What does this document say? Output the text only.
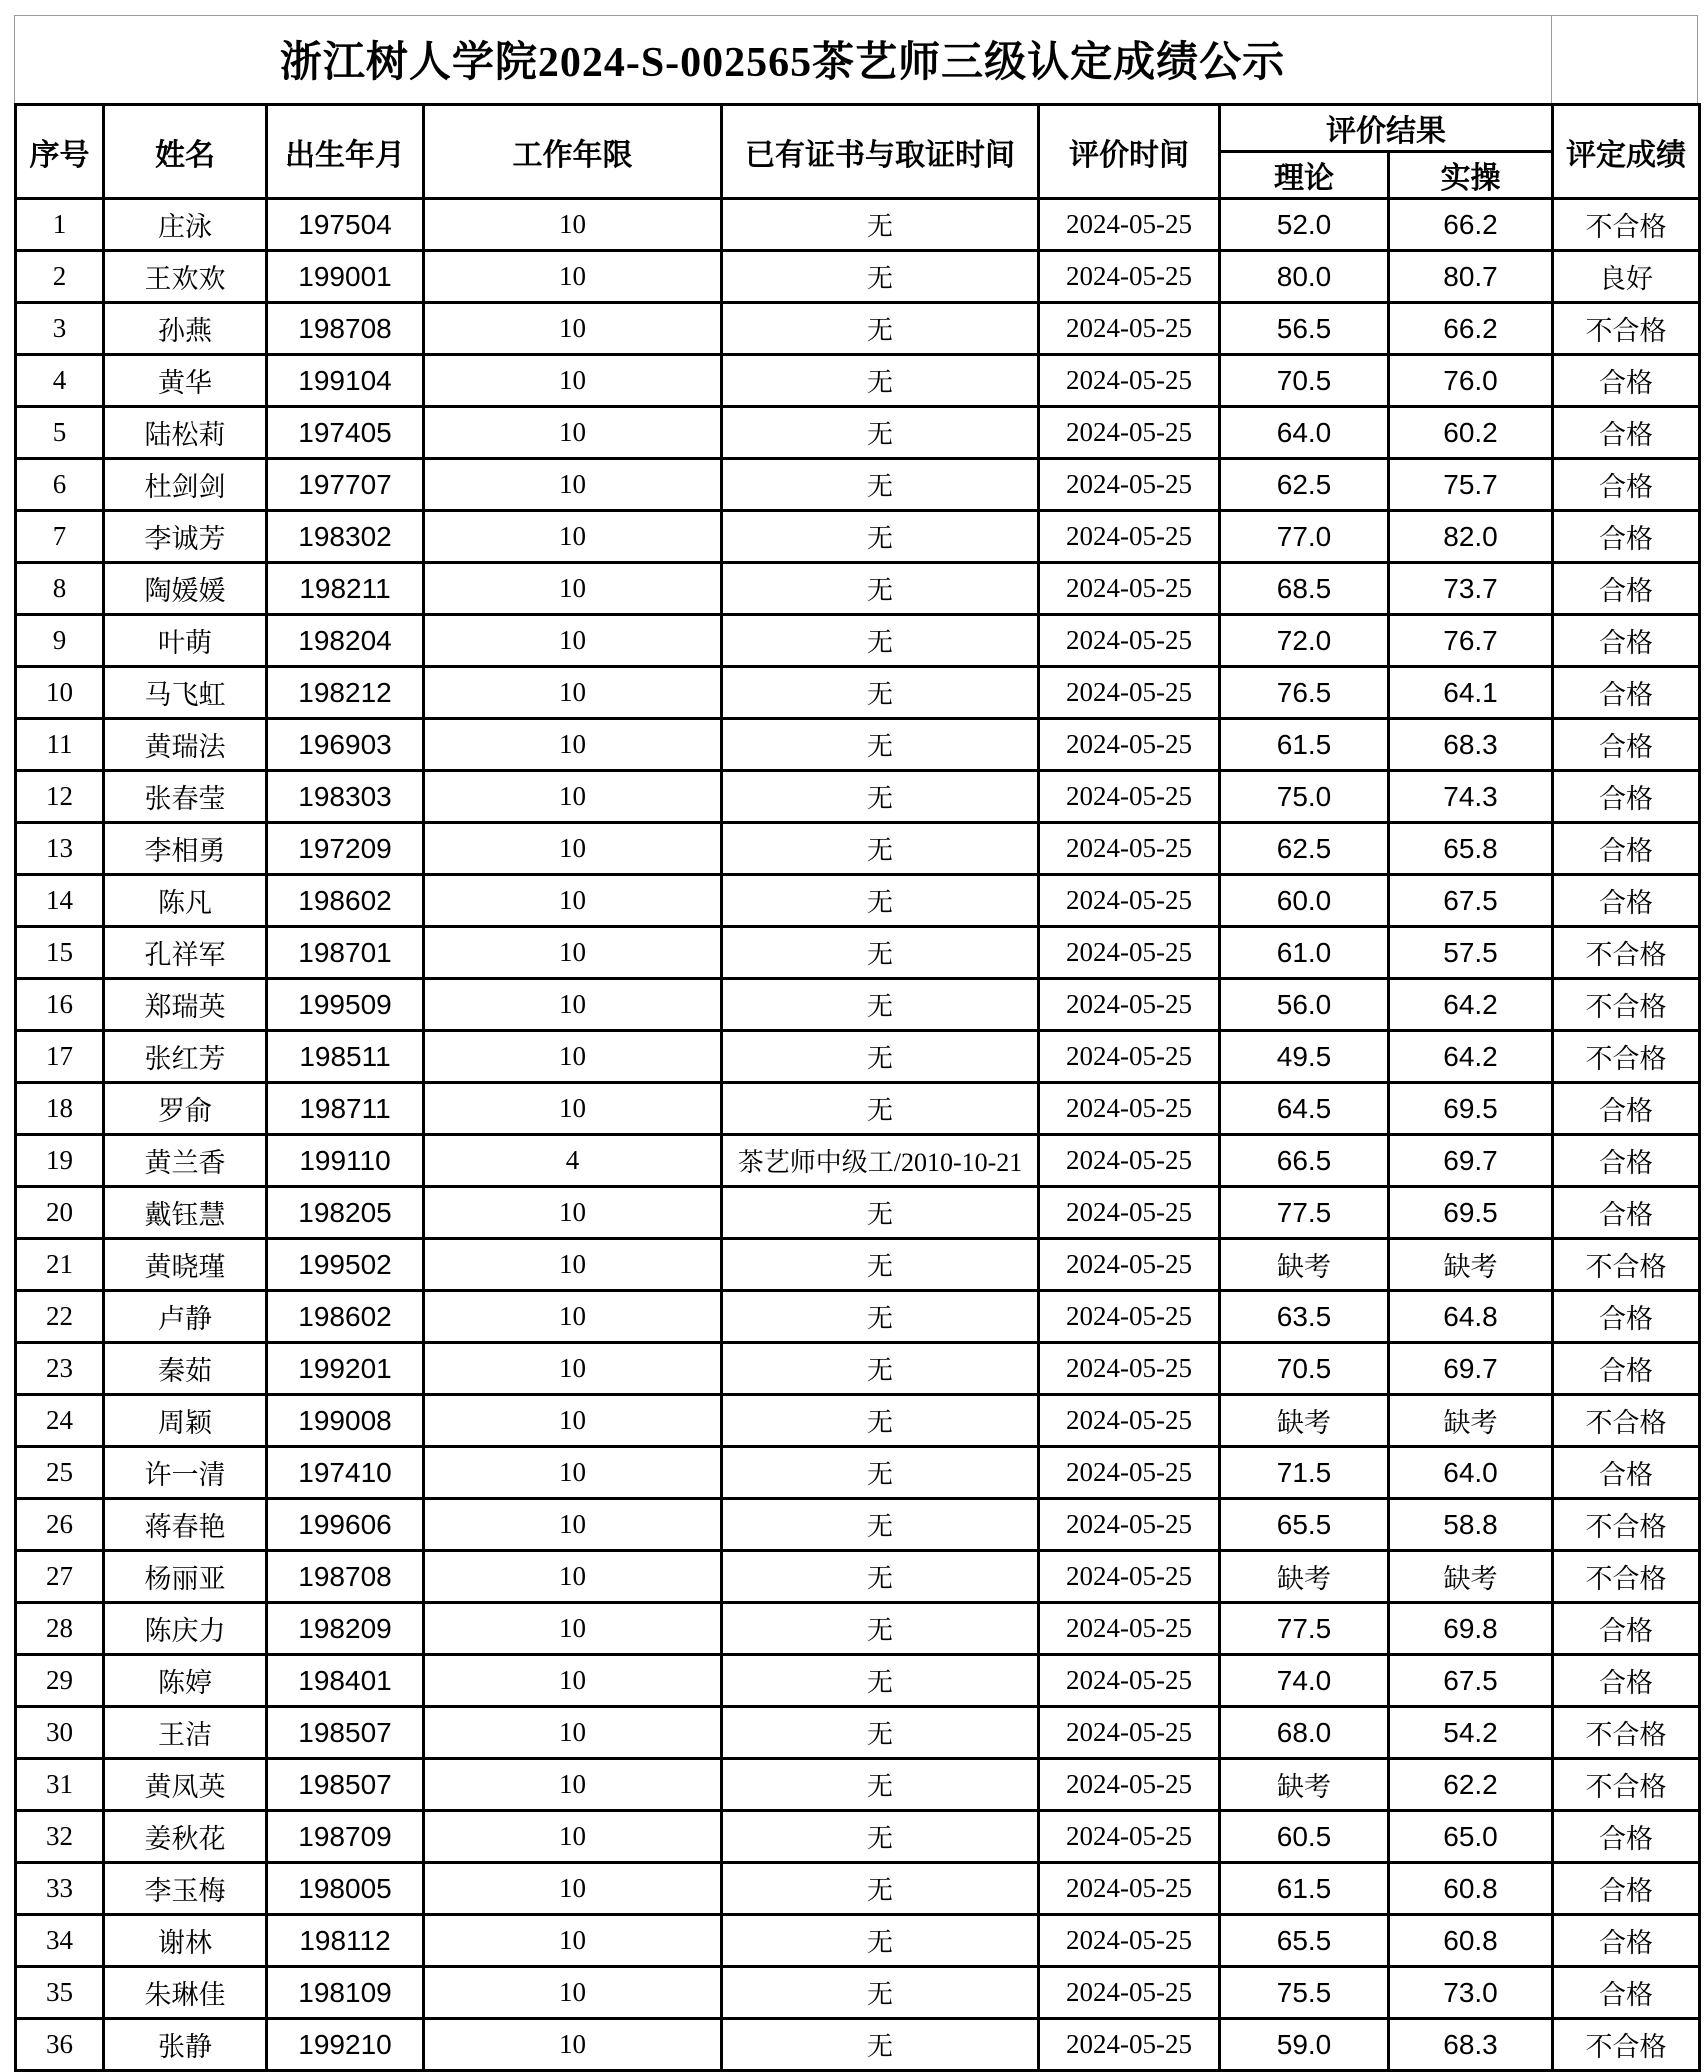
浙江树人学院2024-S-002565茶艺师三级认定成绩公示
序号	姓名	出生年月	工作年限	已有证书与取证时间	评价时间	评价结果		评定成绩
						理论	实操	
1	庄泳	197504	10	无	2024-05-25	52.0	66.2	不合格
2	王欢欢	199001	10	无	2024-05-25	80.0	80.7	良好
3	孙燕	198708	10	无	2024-05-25	56.5	66.2	不合格
4	黄华	199104	10	无	2024-05-25	70.5	76.0	合格
5	陆松莉	197405	10	无	2024-05-25	64.0	60.2	合格
6	杜剑剑	197707	10	无	2024-05-25	62.5	75.7	合格
7	李诚芳	198302	10	无	2024-05-25	77.0	82.0	合格
8	陶媛媛	198211	10	无	2024-05-25	68.5	73.7	合格
9	叶萌	198204	10	无	2024-05-25	72.0	76.7	合格
10	马飞虹	198212	10	无	2024-05-25	76.5	64.1	合格
11	黄瑞法	196903	10	无	2024-05-25	61.5	68.3	合格
12	张春莹	198303	10	无	2024-05-25	75.0	74.3	合格
13	李相勇	197209	10	无	2024-05-25	62.5	65.8	合格
14	陈凡	198602	10	无	2024-05-25	60.0	67.5	合格
15	孔祥军	198701	10	无	2024-05-25	61.0	57.5	不合格
16	郑瑞英	199509	10	无	2024-05-25	56.0	64.2	不合格
17	张红芳	198511	10	无	2024-05-25	49.5	64.2	不合格
18	罗俞	198711	10	无	2024-05-25	64.5	69.5	合格
19	黄兰香	199110	4	茶艺师中级工/2010-10-21	2024-05-25	66.5	69.7	合格
20	戴钰慧	198205	10	无	2024-05-25	77.5	69.5	合格
21	黄晓瑾	199502	10	无	2024-05-25	缺考	缺考	不合格
22	卢静	198602	10	无	2024-05-25	63.5	64.8	合格
23	秦茹	199201	10	无	2024-05-25	70.5	69.7	合格
24	周颖	199008	10	无	2024-05-25	缺考	缺考	不合格
25	许一清	197410	10	无	2024-05-25	71.5	64.0	合格
26	蒋春艳	199606	10	无	2024-05-25	65.5	58.8	不合格
27	杨丽亚	198708	10	无	2024-05-25	缺考	缺考	不合格
28	陈庆力	198209	10	无	2024-05-25	77.5	69.8	合格
29	陈婷	198401	10	无	2024-05-25	74.0	67.5	合格
30	王洁	198507	10	无	2024-05-25	68.0	54.2	不合格
31	黄凤英	198507	10	无	2024-05-25	缺考	62.2	不合格
32	姜秋花	198709	10	无	2024-05-25	60.5	65.0	合格
33	李玉梅	198005	10	无	2024-05-25	61.5	60.8	合格
34	谢林	198112	10	无	2024-05-25	65.5	60.8	合格
35	朱琳佳	198109	10	无	2024-05-25	75.5	73.0	合格
36	张静	199210	10	无	2024-05-25	59.0	68.3	不合格
